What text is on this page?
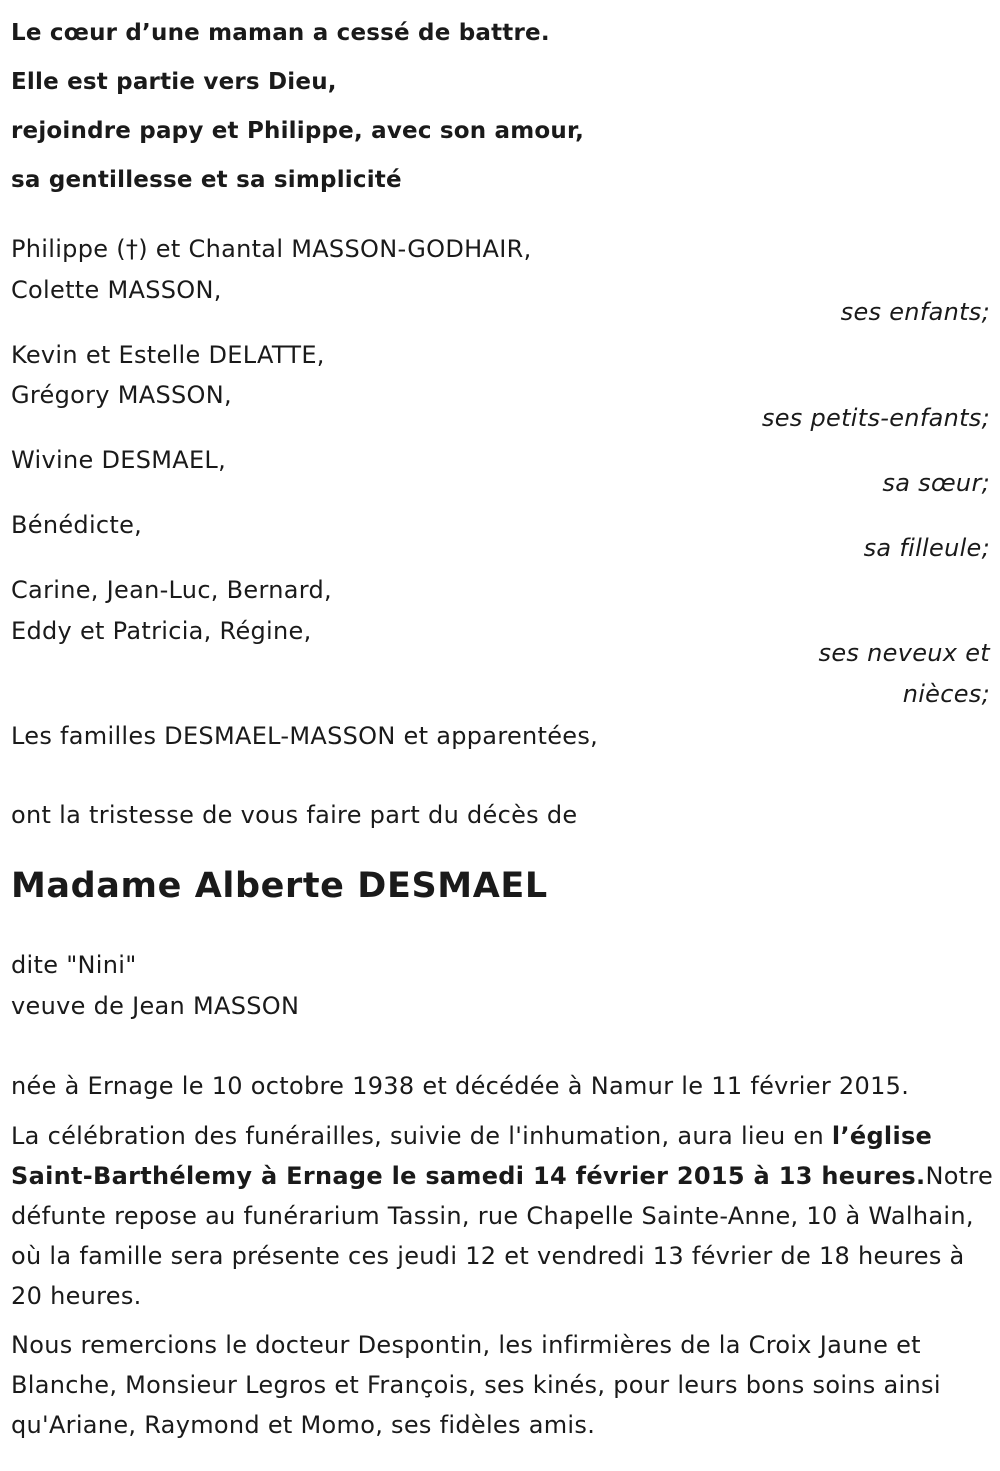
Le cœur d’une maman a cessé de battre.
Elle est partie vers Dieu,
rejoindre papy et Philippe, avec son amour,
sa gentillesse et sa simplicité
Philippe (†) et Chantal MASSON-GODHAIR,
Colette MASSON,
ses enfants;
Kevin et Estelle DELATTE,
Grégory MASSON,
ses petits-enfants;
Wivine DESMAEL,
sa sœur;
Bénédicte,
sa filleule;
Carine, Jean-Luc, Bernard,
Eddy et Patricia, Régine,
ses neveux et
nièces;
Les familles DESMAEL-MASSON et apparentées,
ont la tristesse de vous faire part du décès de
Madame Alberte DESMAEL
dite "Nini"
veuve de Jean MASSON
née à Ernage le 10 octobre 1938 et décédée à Namur le 11 février 2015.
La célébration des funérailles, suivie de l'inhumation, aura lieu en l’église Saint-Barthélemy à Ernage le samedi 14 février 2015 à 13 heures.Notre défunte repose au funérarium Tassin, rue Chapelle Sainte-Anne, 10 à Walhain, où la famille sera présente ces jeudi 12 et vendredi 13 février de 18 heures à 20 heures.
Nous remercions le docteur Despontin, les infirmières de la Croix Jaune et Blanche, Monsieur Legros et François, ses kinés, pour leurs bons soins ainsi qu'Ariane, Raymond et Momo, ses fidèles amis.
